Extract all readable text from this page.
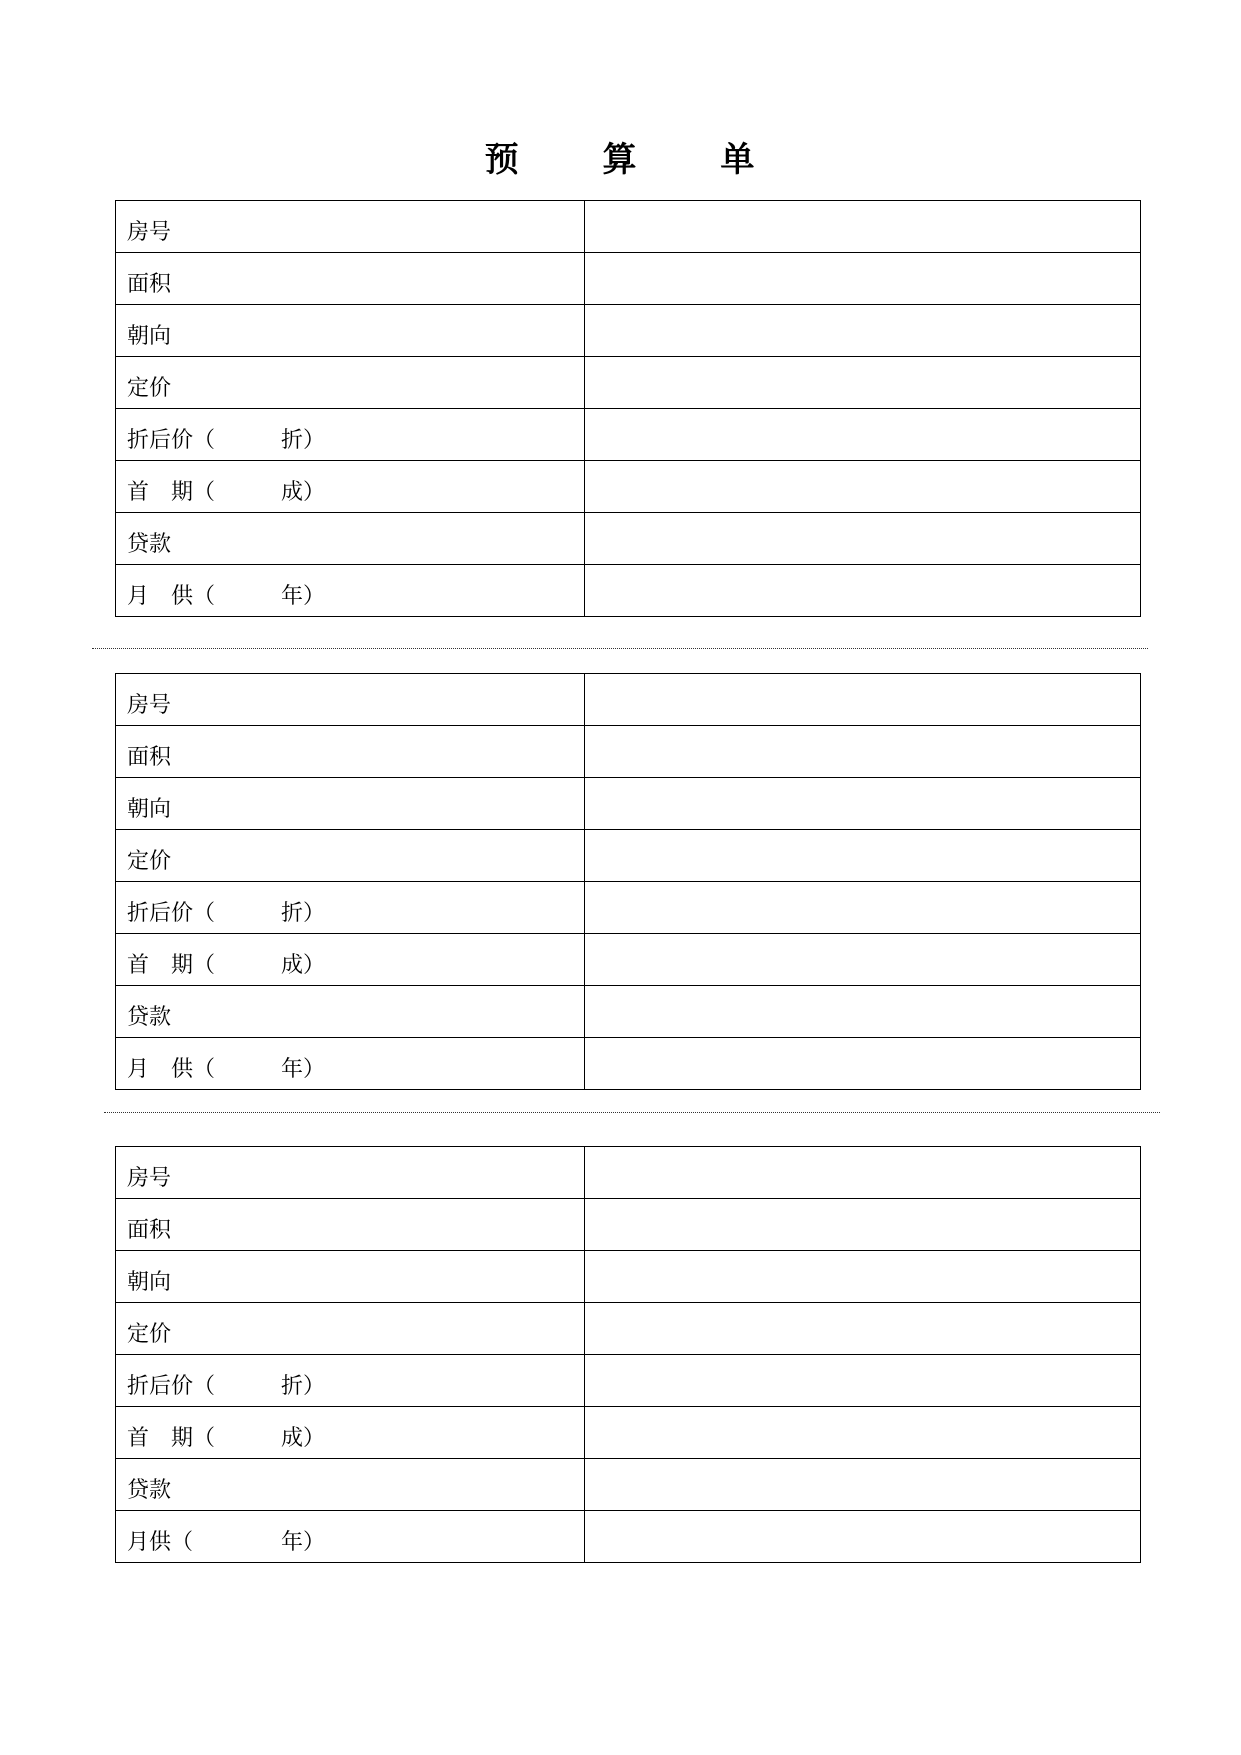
预 算 单
房号	

面积	

朝向	

定价	

折后价（　　　折）	

首　期（　　　成）	

贷款	

月　供（　　　年）	

房号	

面积	

朝向	

定价	

折后价（　　　折）	

首　期（　　　成）	

贷款	

月　供（　　　年）	

房号	

面积	

朝向	

定价	

折后价（　　　折）	

首　期（　　　成）	

贷款	

月供（　　　　年）	
